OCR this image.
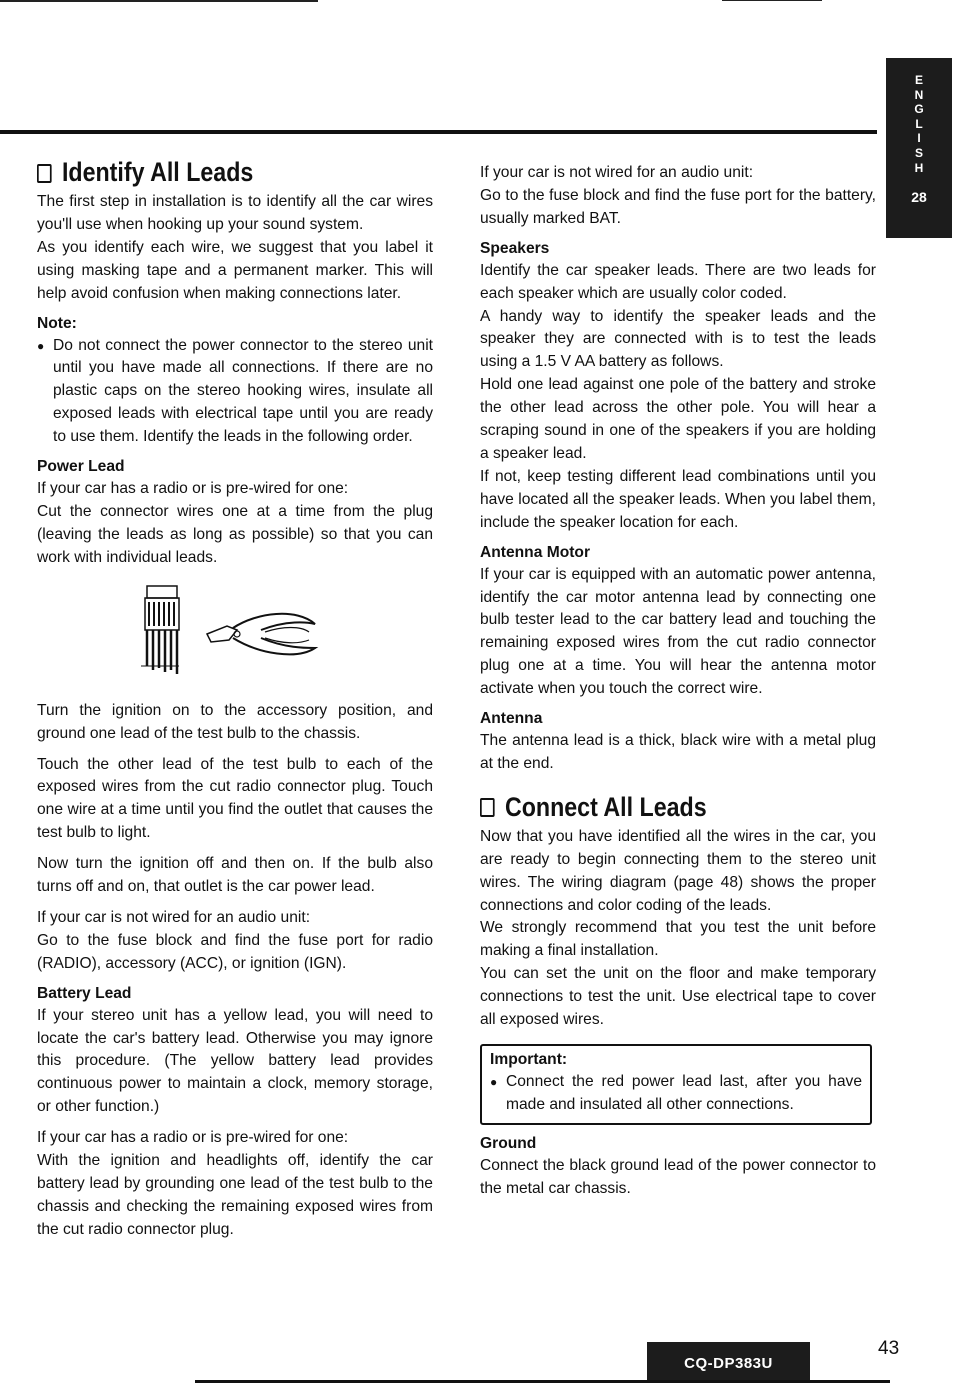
E
N
G
L
I
S
H
28
Identify All Leads

The first step in installation is to identify all the car wires you'll use when hooking up your sound system.

As you identify each wire, we suggest that you label it using masking tape and a permanent marker. This will help avoid confusion when making connections later.

Note:
● Do not connect the power connector to the stereo unit until you have made all connections. If there are no plastic caps on the stereo hooking wires, insulate all exposed leads with electrical tape until you are ready to use them. Identify the leads in the following order.
Power Lead

If your car has a radio or is pre-wired for one:

Cut the connector wires one at a time from the plug (leaving the leads as long as possible) so that you can work with individual leads.

Turn the ignition on to the accessory position, and ground one lead of the test bulb to the chassis.

Touch the other lead of the test bulb to each of the exposed wires from the cut radio connector plug. Touch one wire at a time until you find the outlet that causes the test bulb to light.

Now turn the ignition off and then on. If the bulb also turns off and on, that outlet is the car power lead.

If your car is not wired for an audio unit:

Go to the fuse block and find the fuse port for radio (RADIO), accessory (ACC), or ignition (IGN).

Battery Lead

If your stereo unit has a yellow lead, you will need to locate the car's battery lead. Otherwise you may ignore this procedure. (The yellow battery lead provides continuous power to maintain a clock, memory storage, or other function.)

If your car has a radio or is pre-wired for one:

With the ignition and headlights off, identify the car battery lead by grounding one lead of the test bulb to the chassis and checking the remaining exposed wires from the cut radio connector plug.

If your car is not wired for an audio unit:

Go to the fuse block and find the fuse port for the battery, usually marked BAT.

Speakers

Identify the car speaker leads. There are two leads for each speaker which are usually color coded.

A handy way to identify the speaker leads and the speaker they are connected with is to test the leads using a 1.5 V AA battery as follows.

Hold one lead against one pole of the battery and stroke the other lead across the other pole. You will hear a scraping sound in one of the speakers if you are holding a speaker lead.

If not, keep testing different lead combinations until you have located all the speaker leads. When you label them, include the speaker location for each.

Antenna Motor

If your car is equipped with an automatic power antenna, identify the car motor antenna lead by connecting one bulb tester lead to the car battery lead and touching the remaining exposed wires from the cut radio connector plug one at a time. You will hear the antenna motor activate when you touch the correct wire.

Antenna

The antenna lead is a thick, black wire with a metal plug at the end.

Connect All Leads

Now that you have identified all the wires in the car, you are ready to begin connecting them to the stereo unit wires. The wiring diagram (page 48) shows the proper connections and color coding of the leads.

We strongly recommend that you test the unit before making a final installation.

You can set the unit on the floor and make temporary connections to test the unit. Use electrical tape to cover all exposed wires.

Important:
● Connect the red power lead last, after you have made and insulated all other connections.
Ground

Connect the black ground lead of the power connector to the metal car chassis.

CQ-DP383U
43
